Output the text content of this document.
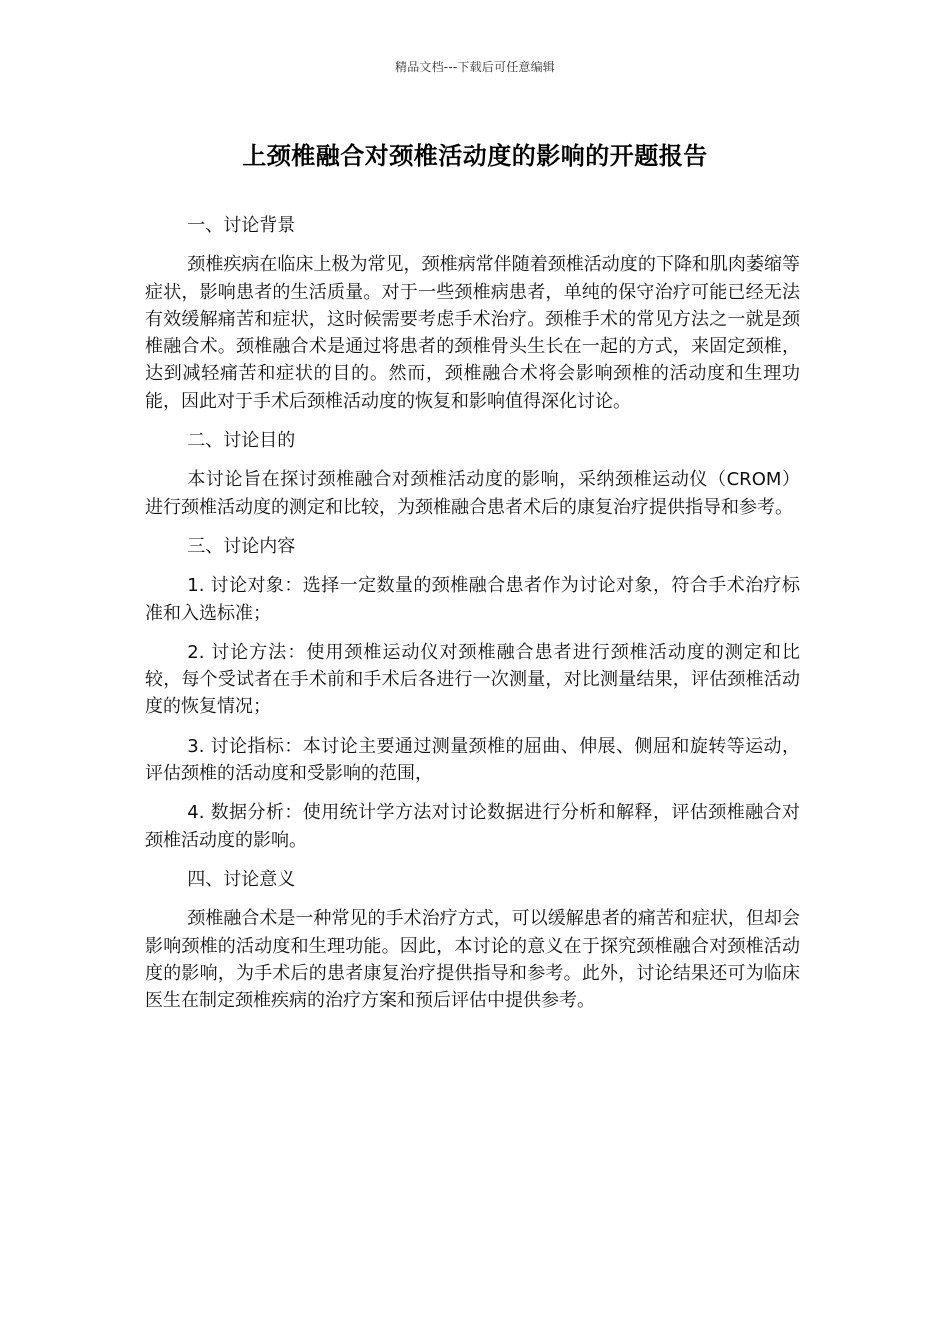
精品文档---下载后可任意编辑
上颈椎融合对颈椎活动度的影响的开题报告
一、讨论背景

颈椎疾病在临床上极为常见，颈椎病常伴随着颈椎活动度的下降和肌肉萎缩等症状，影响患者的生活质量。对于一些颈椎病患者，单纯的保守治疗可能已经无法有效缓解痛苦和症状，这时候需要考虑手术治疗。颈椎手术的常见方法之一就是颈椎融合术。颈椎融合术是通过将患者的颈椎骨头生长在一起的方式，来固定颈椎，达到减轻痛苦和症状的目的。然而，颈椎融合术将会影响颈椎的活动度和生理功能，因此对于手术后颈椎活动度的恢复和影响值得深化讨论。

二、讨论目的

本讨论旨在探讨颈椎融合对颈椎活动度的影响，采纳颈椎运动仪（CROM）进行颈椎活动度的测定和比较，为颈椎融合患者术后的康复治疗提供指导和参考。

三、讨论内容

1. 讨论对象：选择一定数量的颈椎融合患者作为讨论对象，符合手术治疗标准和入选标准；

2. 讨论方法：使用颈椎运动仪对颈椎融合患者进行颈椎活动度的测定和比较，每个受试者在手术前和手术后各进行一次测量，对比测量结果，评估颈椎活动度的恢复情况；

3. 讨论指标：本讨论主要通过测量颈椎的屈曲、伸展、侧屈和旋转等运动，评估颈椎的活动度和受影响的范围，

4. 数据分析：使用统计学方法对讨论数据进行分析和解释，评估颈椎融合对颈椎活动度的影响。

四、讨论意义

颈椎融合术是一种常见的手术治疗方式，可以缓解患者的痛苦和症状，但却会影响颈椎的活动度和生理功能。因此，本讨论的意义在于探究颈椎融合对颈椎活动度的影响，为手术后的患者康复治疗提供指导和参考。此外，讨论结果还可为临床医生在制定颈椎疾病的治疗方案和预后评估中提供参考。
